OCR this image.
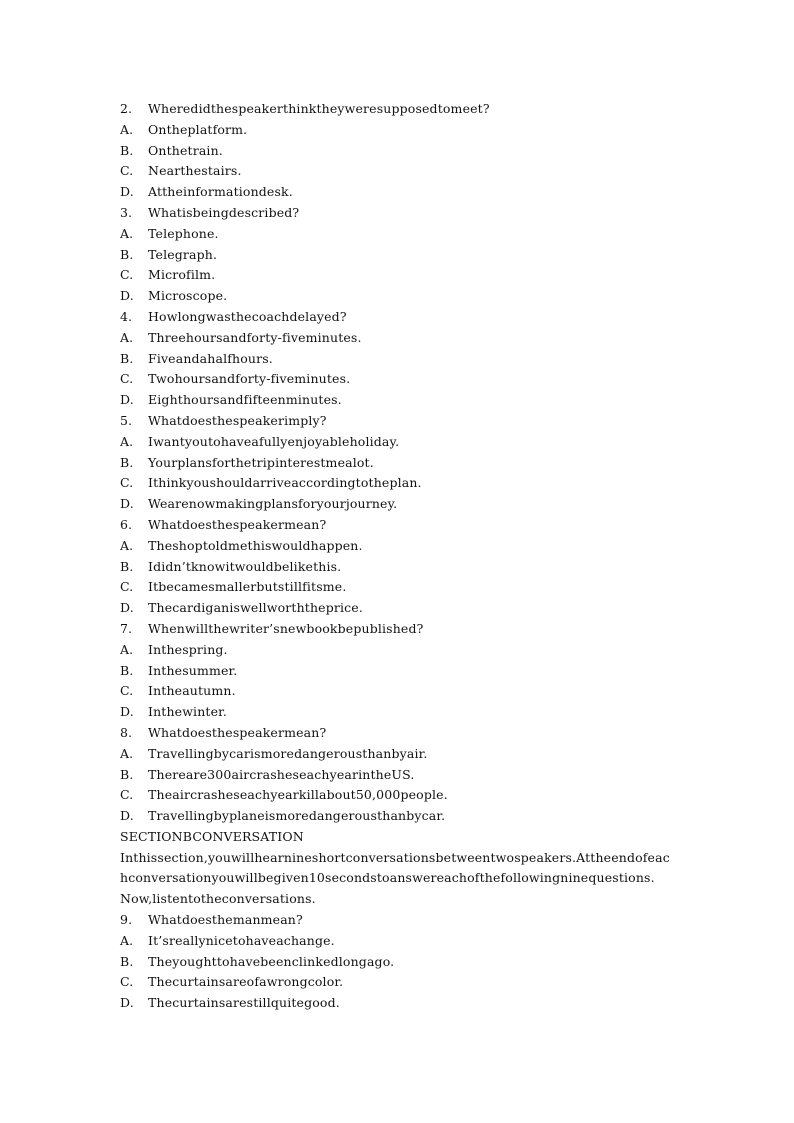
2. Wheredidthespeakerthinktheyweresupposedtomeet?
A. Ontheplatform.
B. Onthetrain.
C. Nearthestairs.
D. Attheinformationdesk.
3. Whatisbeingdescribed?
A. Telephone.
B. Telegraph.
C. Microfilm.
D. Microscope.
4. Howlongwasthecoachdelayed?
A. Threehoursandforty-fiveminutes.
B. Fiveandahalfhours.
C. Twohoursandforty-fiveminutes.
D. Eighthoursandfifteenminutes.
5. Whatdoesthespeakerimply?
A. Iwantyoutohaveafullyenjoyableholiday.
B. Yourplansforthetripinterestmealot.
C. Ithinkyoushouldarriveaccordingtotheplan.
D. Wearenowmakingplansforyourjourney.
6. Whatdoesthespeakermean?
A. Theshoptoldmethiswouldhappen.
B. Ididn’tknowitwouldbelikethis.
C. Itbecamesmallerbutstillfitsme.
D. Thecardiganiswellworththeprice.
7. Whenwillthewriter’snewbookbepublished?
A. Inthespring.
B. Inthesummer.
C. Intheautumn.
D. Inthewinter.
8. Whatdoesthespeakermean?
A. Travellingbycarismoredangerousthanbyair.
B. Thereare300aircrasheseachyearintheUS.
C. Theaircrasheseachyearkillabout50,000people.
D. Travellingbyplaneismoredangerousthanbycar.
SECTIONBCONVERSATION
Inthissection,youwillhearnineshortconversationsbetweentwospeakers.Attheendofeac
hconversationyouwillbegiven10secondstoanswereachofthefollowingninequestions.
Now,listentotheconversations.
9. Whatdoesthemanmean?
A. It’sreallynicetohaveachange.
B. Theyoughttohavebeenclinkedlongago.
C. Thecurtainsareofawrongcolor.
D. Thecurtainsarestillquitegood.
